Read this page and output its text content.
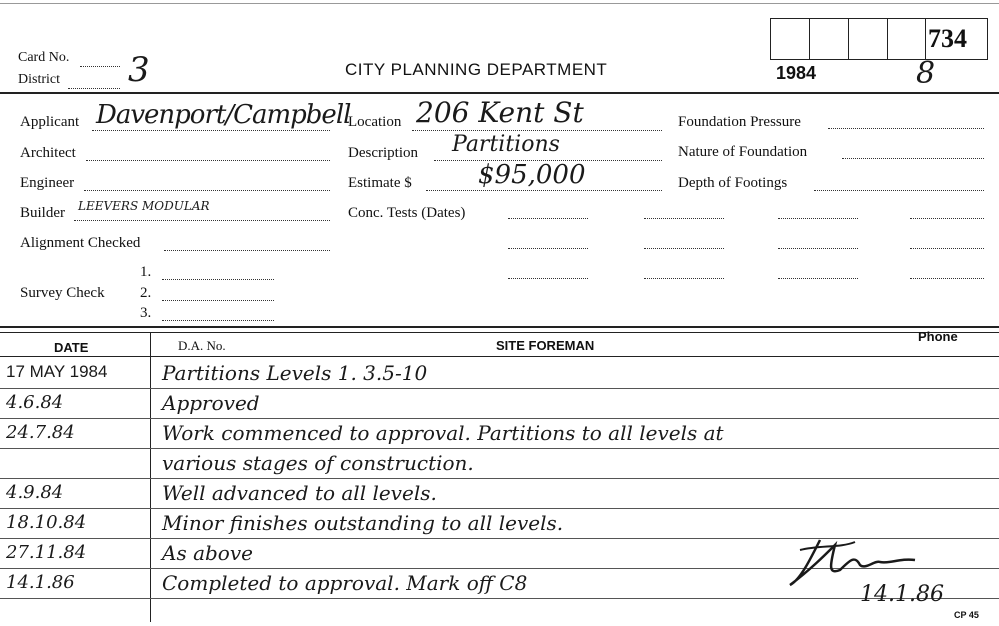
Card No.
District 3	CITY PLANNING DEPARTMENT
734
1984	8
Applicant Davenport/Campbell
Architect
Engineer
Builder LEEVERS MODULAR
Alignment Checked
1.
Survey Check 2.
3.
Location 206 Kent St
Description Partitions
Estimate $	$95,000
Conc. Tests (Dates)
Foundation Pressure
Nature of Foundation
Depth of Footings
DATE	D.A. No.	SITE FOREMAN
Phone
17 MAY 1984	Partitions Levels 1. 3.5-10
4.6.84	Approved
24.7.84	Work commenced to approval. Partitions to all levels at
various stages of construction.
4.9.84	Well advanced to all levels.
18.10.84	Minor finishes outstanding to all levels.
27.11.84	As above
14.1.86	Completed to approval. Mark off C8	14.1.86
CP 45
